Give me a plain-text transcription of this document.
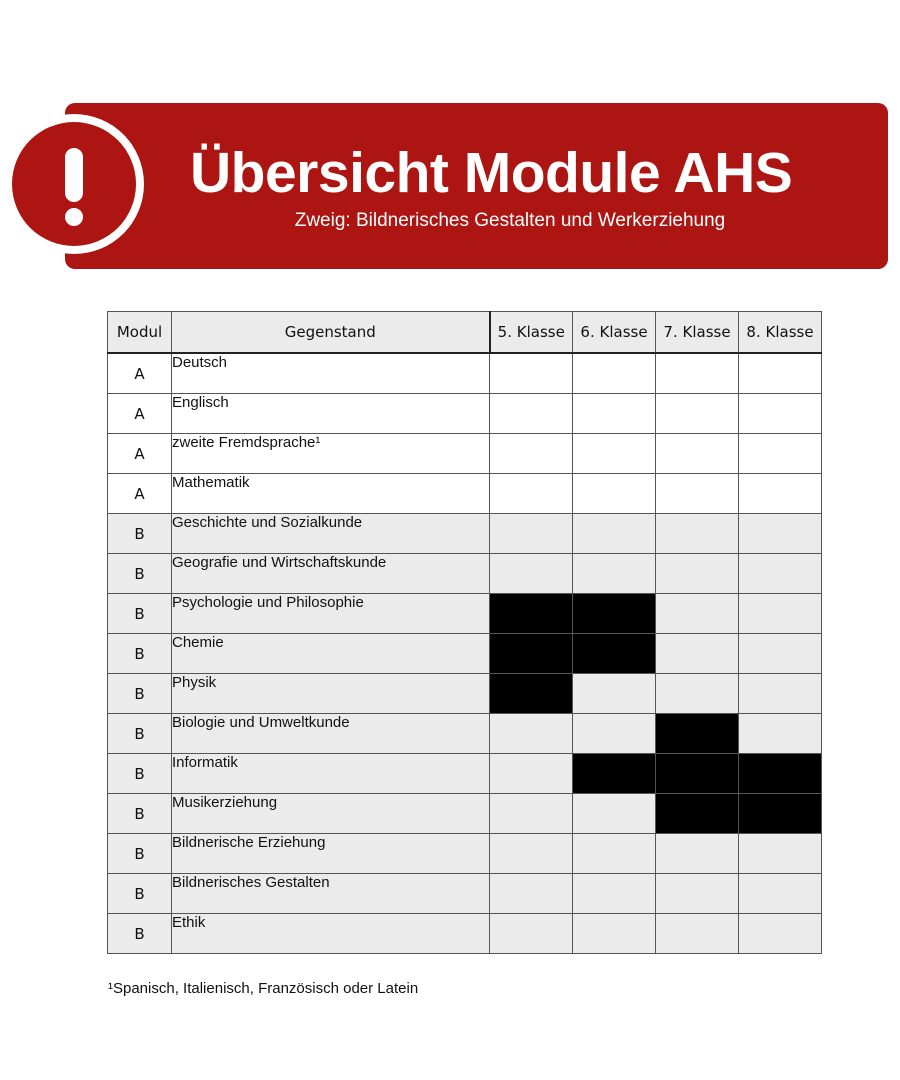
Übersicht Module AHS
Zweig: Bildnerisches Gestalten und Werkerziehung
Modul	Gegenstand	5. Klasse	6. Klasse	7. Klasse	8. Klasse
A	Deutsch				
A	Englisch				
A	zweite Fremdsprache¹				
A	Mathematik				
B	Geschichte und Sozialkunde				
B	Geografie und Wirtschaftskunde				
B	Psychologie und Philosophie				
B	Chemie				
B	Physik				
B	Biologie und Umweltkunde				
B	Informatik				
B	Musikerziehung				
B	Bildnerische Erziehung				
B	Bildnerisches Gestalten				
B	Ethik				
¹Spanisch, Italienisch, Französisch oder Latein
